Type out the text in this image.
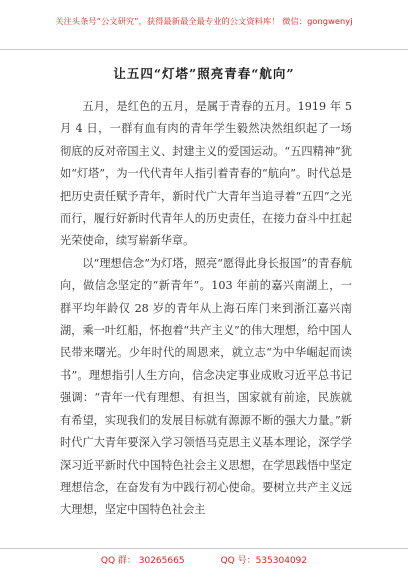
关注头条号“公文研究”，获得最新最全最专业的公文资料库！ 微信：gongwenyj
让五四“灯塔”照亮青春“航向”

五月，是红色的五月，是属于青春的五月。1919 年 5 月 4 日，一群有血有肉的青年学生毅然决然组织起了一场彻底的反对帝国主义、封建主义的爱国运动。“五四精神”犹如“灯塔”，为一代代青年人指引着青春的“航向”。时代总是把历史责任赋予青年，新时代广大青年当追寻着“五四”之光而行，履行好新时代青年人的历史责任，在接力奋斗中扛起光荣使命，续写崭新华章。

以“理想信念”为灯塔，照亮“愿得此身长报国”的青春航向，做信念坚定的“新青年”。103 年前的嘉兴南湖上，一群平均年龄仅 28 岁的青年从上海石库门来到浙江嘉兴南湖，乘一叶红船，怀抱着“共产主义”的伟大理想，给中国人民带来曙光。少年时代的周恩来，就立志“为中华崛起而读书”。理想指引人生方向，信念决定事业成败习近平总书记强调：“青年一代有理想、有担当，国家就有前途，民族就有希望，实现我们的发展目标就有源源不断的强大力量。”新时代广大青年要深入学习领悟马克思主义基本理论，深学学深习近平新时代中国特色社会主义思想，在学思践悟中坚定理想信念，在奋发有为中践行初心使命。要树立共产主义远大理想，坚定中国特色社会主

QQ 群： 30265665	QQ 号：535304092
